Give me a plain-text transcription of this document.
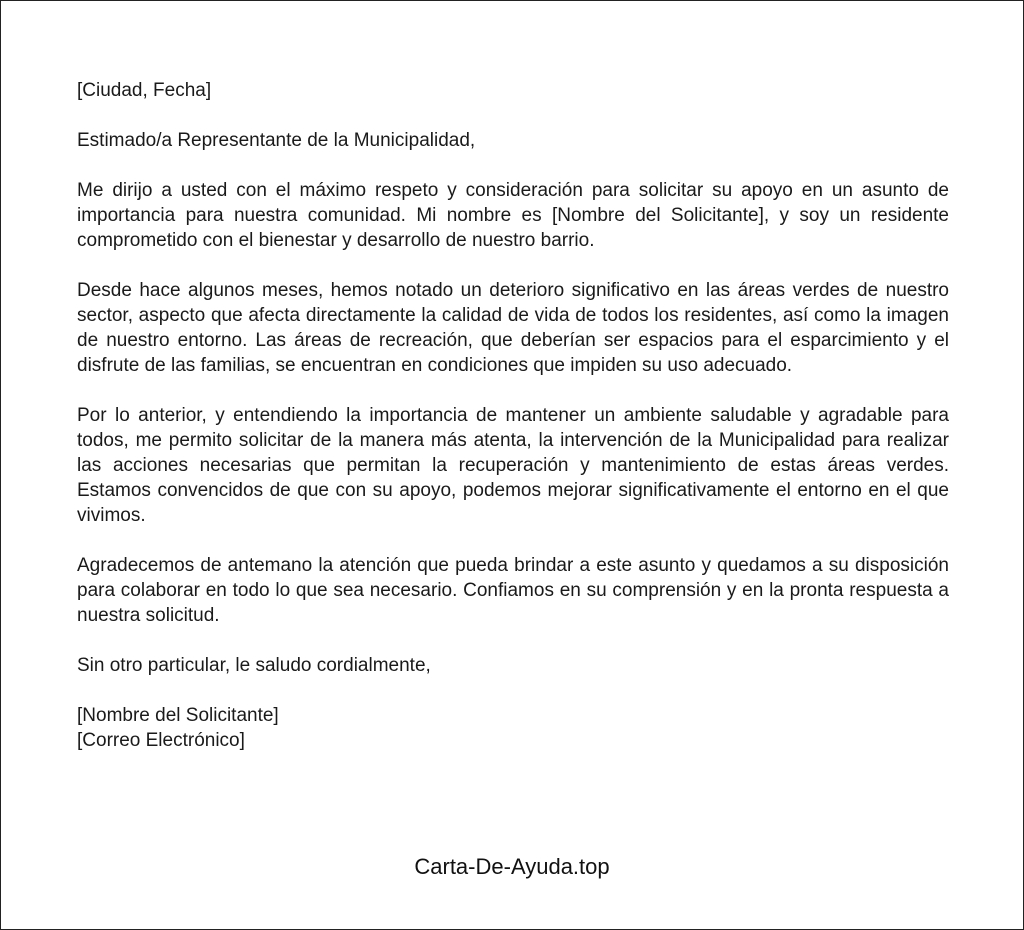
[Ciudad, Fecha]

Estimado/a Representante de la Municipalidad,

Me dirijo a usted con el máximo respeto y consideración para solicitar su apoyo en un asunto de importancia para nuestra comunidad. Mi nombre es [Nombre del Solicitante], y soy un residente comprometido con el bienestar y desarrollo de nuestro barrio.

Desde hace algunos meses, hemos notado un deterioro significativo en las áreas verdes de nuestro sector, aspecto que afecta directamente la calidad de vida de todos los residentes, así como la imagen de nuestro entorno. Las áreas de recreación, que deberían ser espacios para el esparcimiento y el disfrute de las familias, se encuentran en condiciones que impiden su uso adecuado.

Por lo anterior, y entendiendo la importancia de mantener un ambiente saludable y agradable para todos, me permito solicitar de la manera más atenta, la intervención de la Municipalidad para realizar las acciones necesarias que permitan la recuperación y mantenimiento de estas áreas verdes. Estamos convencidos de que con su apoyo, podemos mejorar significativamente el entorno en el que vivimos.

Agradecemos de antemano la atención que pueda brindar a este asunto y quedamos a su disposición para colaborar en todo lo que sea necesario. Confiamos en su comprensión y en la pronta respuesta a nuestra solicitud.

Sin otro particular, le saludo cordialmente,

[Nombre del Solicitante]
[Correo Electrónico]

Carta-De-Ayuda.top
